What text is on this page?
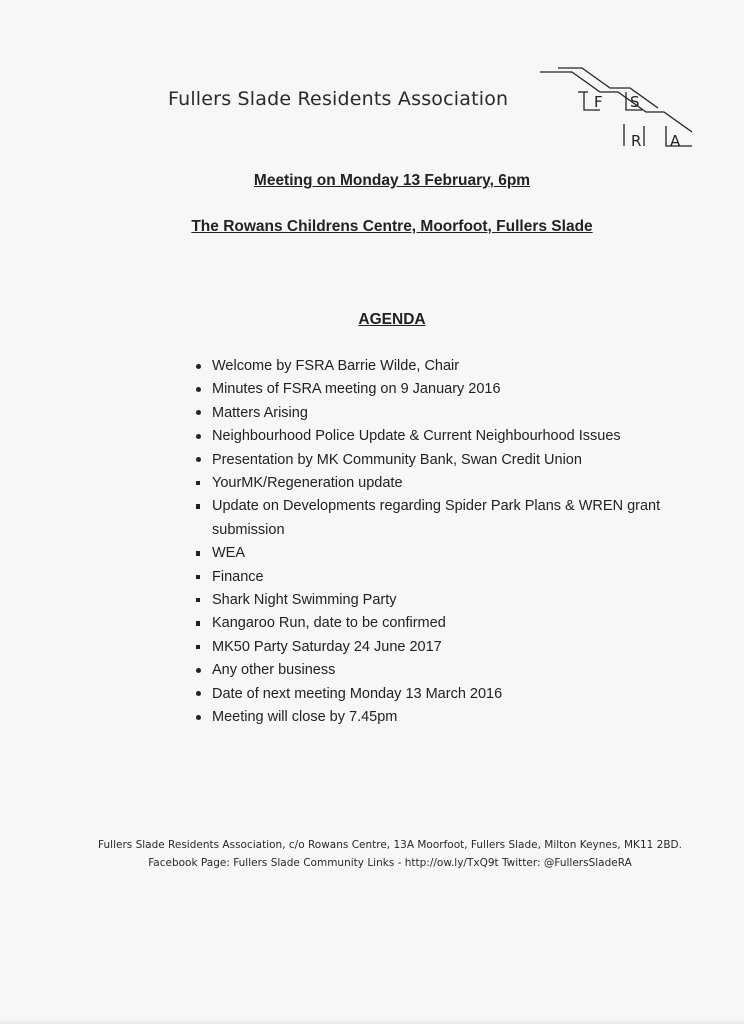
Fullers Slade Residents Association	F S
R A
Meeting on Monday 13 February, 6pm
The Rowans Childrens Centre, Moorfoot, Fullers Slade
AGENDA
Welcome by FSRA Barrie Wilde, Chair
Minutes of FSRA meeting on 9 January 2016
Matters Arising
Neighbourhood Police Update & Current Neighbourhood Issues
Presentation by MK Community Bank, Swan Credit Union
YourMK/Regeneration update
Update on Developments regarding Spider Park Plans & WREN grant submission
WEA
Finance
Shark Night Swimming Party
Kangaroo Run, date to be confirmed
MK50 Party Saturday 24 June 2017
Any other business
Date of next meeting Monday 13 March 2016
Meeting will close by 7.45pm
Fullers Slade Residents Association, c/o Rowans Centre, 13A Moorfoot, Fullers Slade, Milton Keynes, MK11 2BD.
Facebook Page: Fullers Slade Community Links - http://ow.ly/TxQ9t Twitter: @FullersSladeRA
